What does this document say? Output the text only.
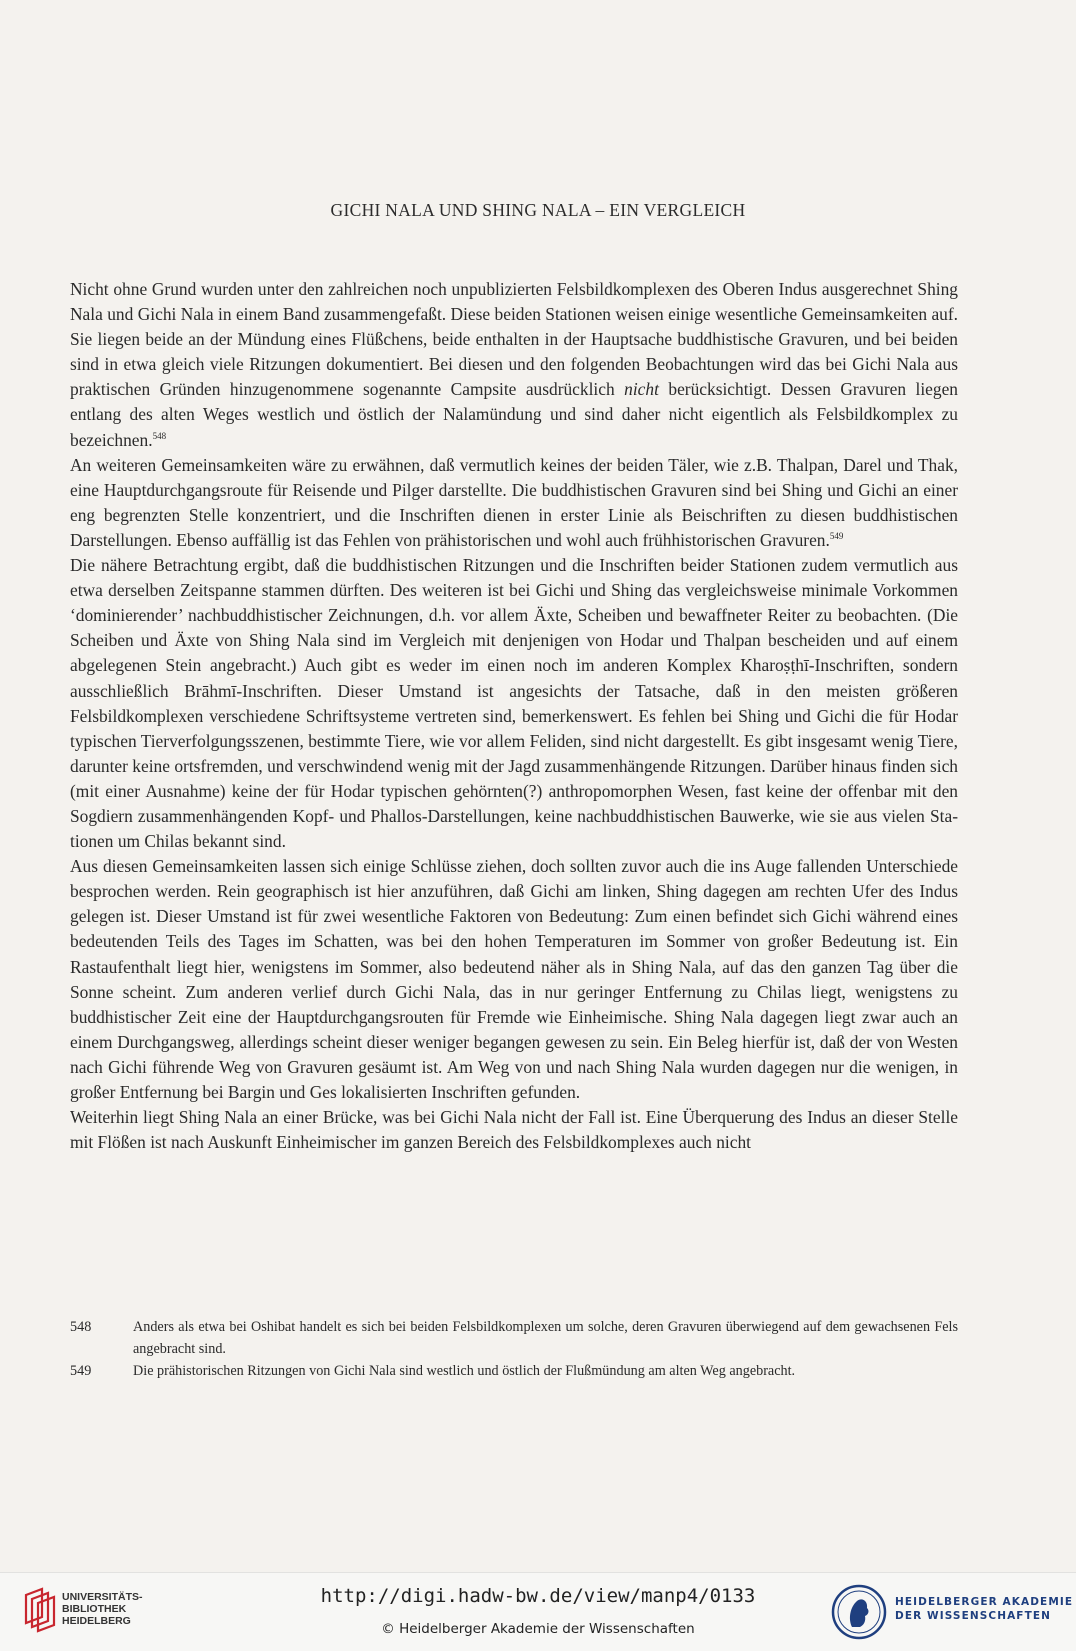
GICHI NALA UND SHING NALA – EIN VERGLEICH

Nicht ohne Grund wurden unter den zahlreichen noch unpublizierten Felsbildkomplexen des Oberen Indus ausgerechnet Shing Nala und Gichi Nala in einem Band zusammengefaßt. Diese beiden Stationen weisen einige wesentliche Gemeinsamkeiten auf. Sie liegen beide an der Mündung eines Flüßchens, beide enthalten in der Hauptsache buddhistische Gravuren, und bei beiden sind in etwa gleich viele Ritzungen dokumentiert. Bei diesen und den folgenden Beobachtungen wird das bei Gichi Nala aus praktischen Gründen hinzugenommene sogenannte Campsite ausdrücklich nicht berücksichtigt. Dessen Gravuren liegen entlang des alten Weges westlich und östlich der Nalamündung und sind daher nicht eigentlich als Felsbildkomplex zu bezeichnen.$^{548}$

An weiteren Gemeinsamkeiten wäre zu erwähnen, daß vermutlich keines der beiden Täler, wie z.B. Thalpan, Darel und Thak, eine Hauptdurchgangsroute für Reisende und Pilger darstellte. Die buddhistischen Gravuren sind bei Shing und Gichi an einer eng begrenzten Stelle konzentriert, und die Inschriften dienen in erster Linie als Beischriften zu diesen buddhistischen Darstellungen. Ebenso auffällig ist das Fehlen von prähistorischen und wohl auch frühhistorischen Gravuren.$^{549}$

Die nähere Betrachtung ergibt, daß die buddhistischen Ritzungen und die Inschriften beider Stationen zudem vermutlich aus etwa derselben Zeitspanne stammen dürften. Des weiteren ist bei Gichi und Shing das vergleichsweise minimale Vorkommen ‘dominierender’ nachbuddhistischer Zeichnungen, d.h. vor allem Äxte, Scheiben und bewaffneter Reiter zu beobachten. (Die Scheiben und Äxte von Shing Nala sind im Vergleich mit denjenigen von Hodar und Thalpan bescheiden und auf einem abgelegenen Stein angebracht.) Auch gibt es weder im einen noch im anderen Komplex Kharoṣṭhī-Inschriften, sondern ausschließlich Brāhmī-Inschriften. Dieser Umstand ist angesichts der Tatsache, daß in den meisten größeren Felsbildkomplexen verschiedene Schriftsysteme vertreten sind, bemerkenswert. Es fehlen bei Shing und Gichi die für Hodar typischen Tierverfolgungsszenen, bestimmte Tiere, wie vor allem Feliden, sind nicht dargestellt. Es gibt insgesamt wenig Tiere, darunter keine ortsfremden, und verschwindend wenig mit der Jagd zusammenhängende Ritzungen. Darüber hinaus finden sich (mit einer Ausnahme) keine der für Hodar typischen gehörnten(?) anthropomorphen Wesen, fast keine der offenbar mit den Sogdiern zusammenhängenden Kopf- und Phallos-Darstellungen, keine nachbuddhistischen Bauwerke, wie sie aus vielen Stationen um Chilas bekannt sind.

Aus diesen Gemeinsamkeiten lassen sich einige Schlüsse ziehen, doch sollten zuvor auch die ins Auge fallenden Unterschiede besprochen werden. Rein geographisch ist hier anzuführen, daß Gichi am linken, Shing dagegen am rechten Ufer des Indus gelegen ist. Dieser Umstand ist für zwei wesentliche Faktoren von Bedeutung: Zum einen befindet sich Gichi während eines bedeutenden Teils des Tages im Schatten, was bei den hohen Temperaturen im Sommer von großer Bedeutung ist. Ein Rastaufenthalt liegt hier, wenigstens im Sommer, also bedeutend näher als in Shing Nala, auf das den ganzen Tag über die Sonne scheint. Zum anderen verlief durch Gichi Nala, das in nur geringer Entfernung zu Chilas liegt, wenigstens zu buddhistischer Zeit eine der Hauptdurchgangsrouten für Fremde wie Einheimische. Shing Nala dagegen liegt zwar auch an einem Durchgangsweg, allerdings scheint dieser weniger begangen gewesen zu sein. Ein Beleg hierfür ist, daß der von Westen nach Gichi führende Weg von Gravuren gesäumt ist. Am Weg von und nach Shing Nala wurden dagegen nur die wenigen, in großer Entfernung bei Bargin und Ges lokalisierten Inschriften gefunden.

Weiterhin liegt Shing Nala an einer Brücke, was bei Gichi Nala nicht der Fall ist. Eine Überquerung des Indus an dieser Stelle mit Flößen ist nach Auskunft Einheimischer im ganzen Bereich des Felsbildkomplexes auch nicht

548	Anders als etwa bei Oshibat handelt es sich bei beiden Felsbildkomplexen um solche, deren Gravuren überwiegend auf dem gewachsenen Fels angebracht sind.
549	Die prähistorischen Ritzungen von Gichi Nala sind westlich und östlich der Flußmündung am alten Weg angebracht.
UNIVERSITÄTS-
BIBLIOTHEK
HEIDELBERG
http://digi.hadw-bw.de/view/manp4/0133
© Heidelberger Akademie der Wissenschaften
HEIDELBERGER AKADEMIE
DER WISSENSCHAFTEN
